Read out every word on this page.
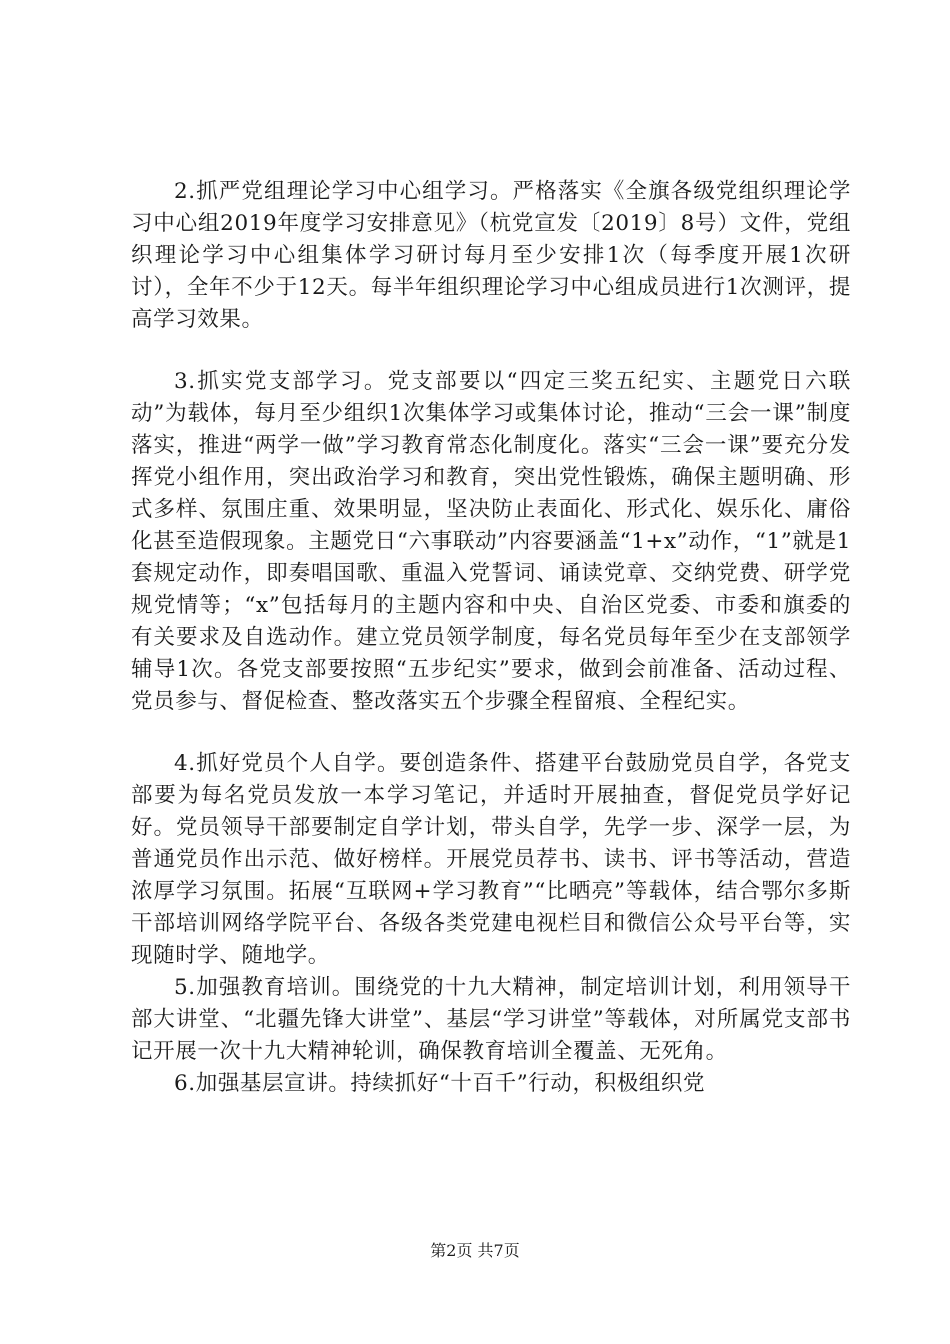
2.抓严党组理论学习中心组学习。严格落实《全旗各级党组织理论学习中心组2019年度学习安排意见》（杭党宣发〔2019〕8号）文件，党组织理论学习中心组集体学习研讨每月至少安排1次（每季度开展1次研讨），全年不少于12天。每半年组织理论学习中心组成员进行1次测评，提高学习效果。

3.抓实党支部学习。党支部要以“四定三奖五纪实、主题党日六联动”为载体，每月至少组织1次集体学习或集体讨论，推动“三会一课”制度落实，推进“两学一做”学习教育常态化制度化。落实“三会一课”要充分发挥党小组作用，突出政治学习和教育，突出党性锻炼，确保主题明确、形式多样、氛围庄重、效果明显，坚决防止表面化、形式化、娱乐化、庸俗化甚至造假现象。主题党日“六事联动”内容要涵盖“1+x”动作，“1”就是1套规定动作，即奏唱国歌、重温入党誓词、诵读党章、交纳党费、研学党规党情等；“x”包括每月的主题内容和中央、自治区党委、市委和旗委的有关要求及自选动作。建立党员领学制度，每名党员每年至少在支部领学辅导1次。各党支部要按照“五步纪实”要求，做到会前准备、活动过程、党员参与、督促检查、整改落实五个步骤全程留痕、全程纪实。

4.抓好党员个人自学。要创造条件、搭建平台鼓励党员自学，各党支部要为每名党员发放一本学习笔记，并适时开展抽查，督促党员学好记好。党员领导干部要制定自学计划，带头自学，先学一步、深学一层，为普通党员作出示范、做好榜样。开展党员荐书、读书、评书等活动，营造浓厚学习氛围。拓展“互联网+学习教育”“比晒亮”等载体，结合鄂尔多斯干部培训网络学院平台、各级各类党建电视栏目和微信公众号平台等，实现随时学、随地学。

5.加强教育培训。围绕党的十九大精神，制定培训计划，利用领导干部大讲堂、“北疆先锋大讲堂”、基层“学习讲堂”等载体，对所属党支部书记开展一次十九大精神轮训，确保教育培训全覆盖、无死角。

6.加强基层宣讲。持续抓好“十百千”行动，积极组织党

第2页 共7页
